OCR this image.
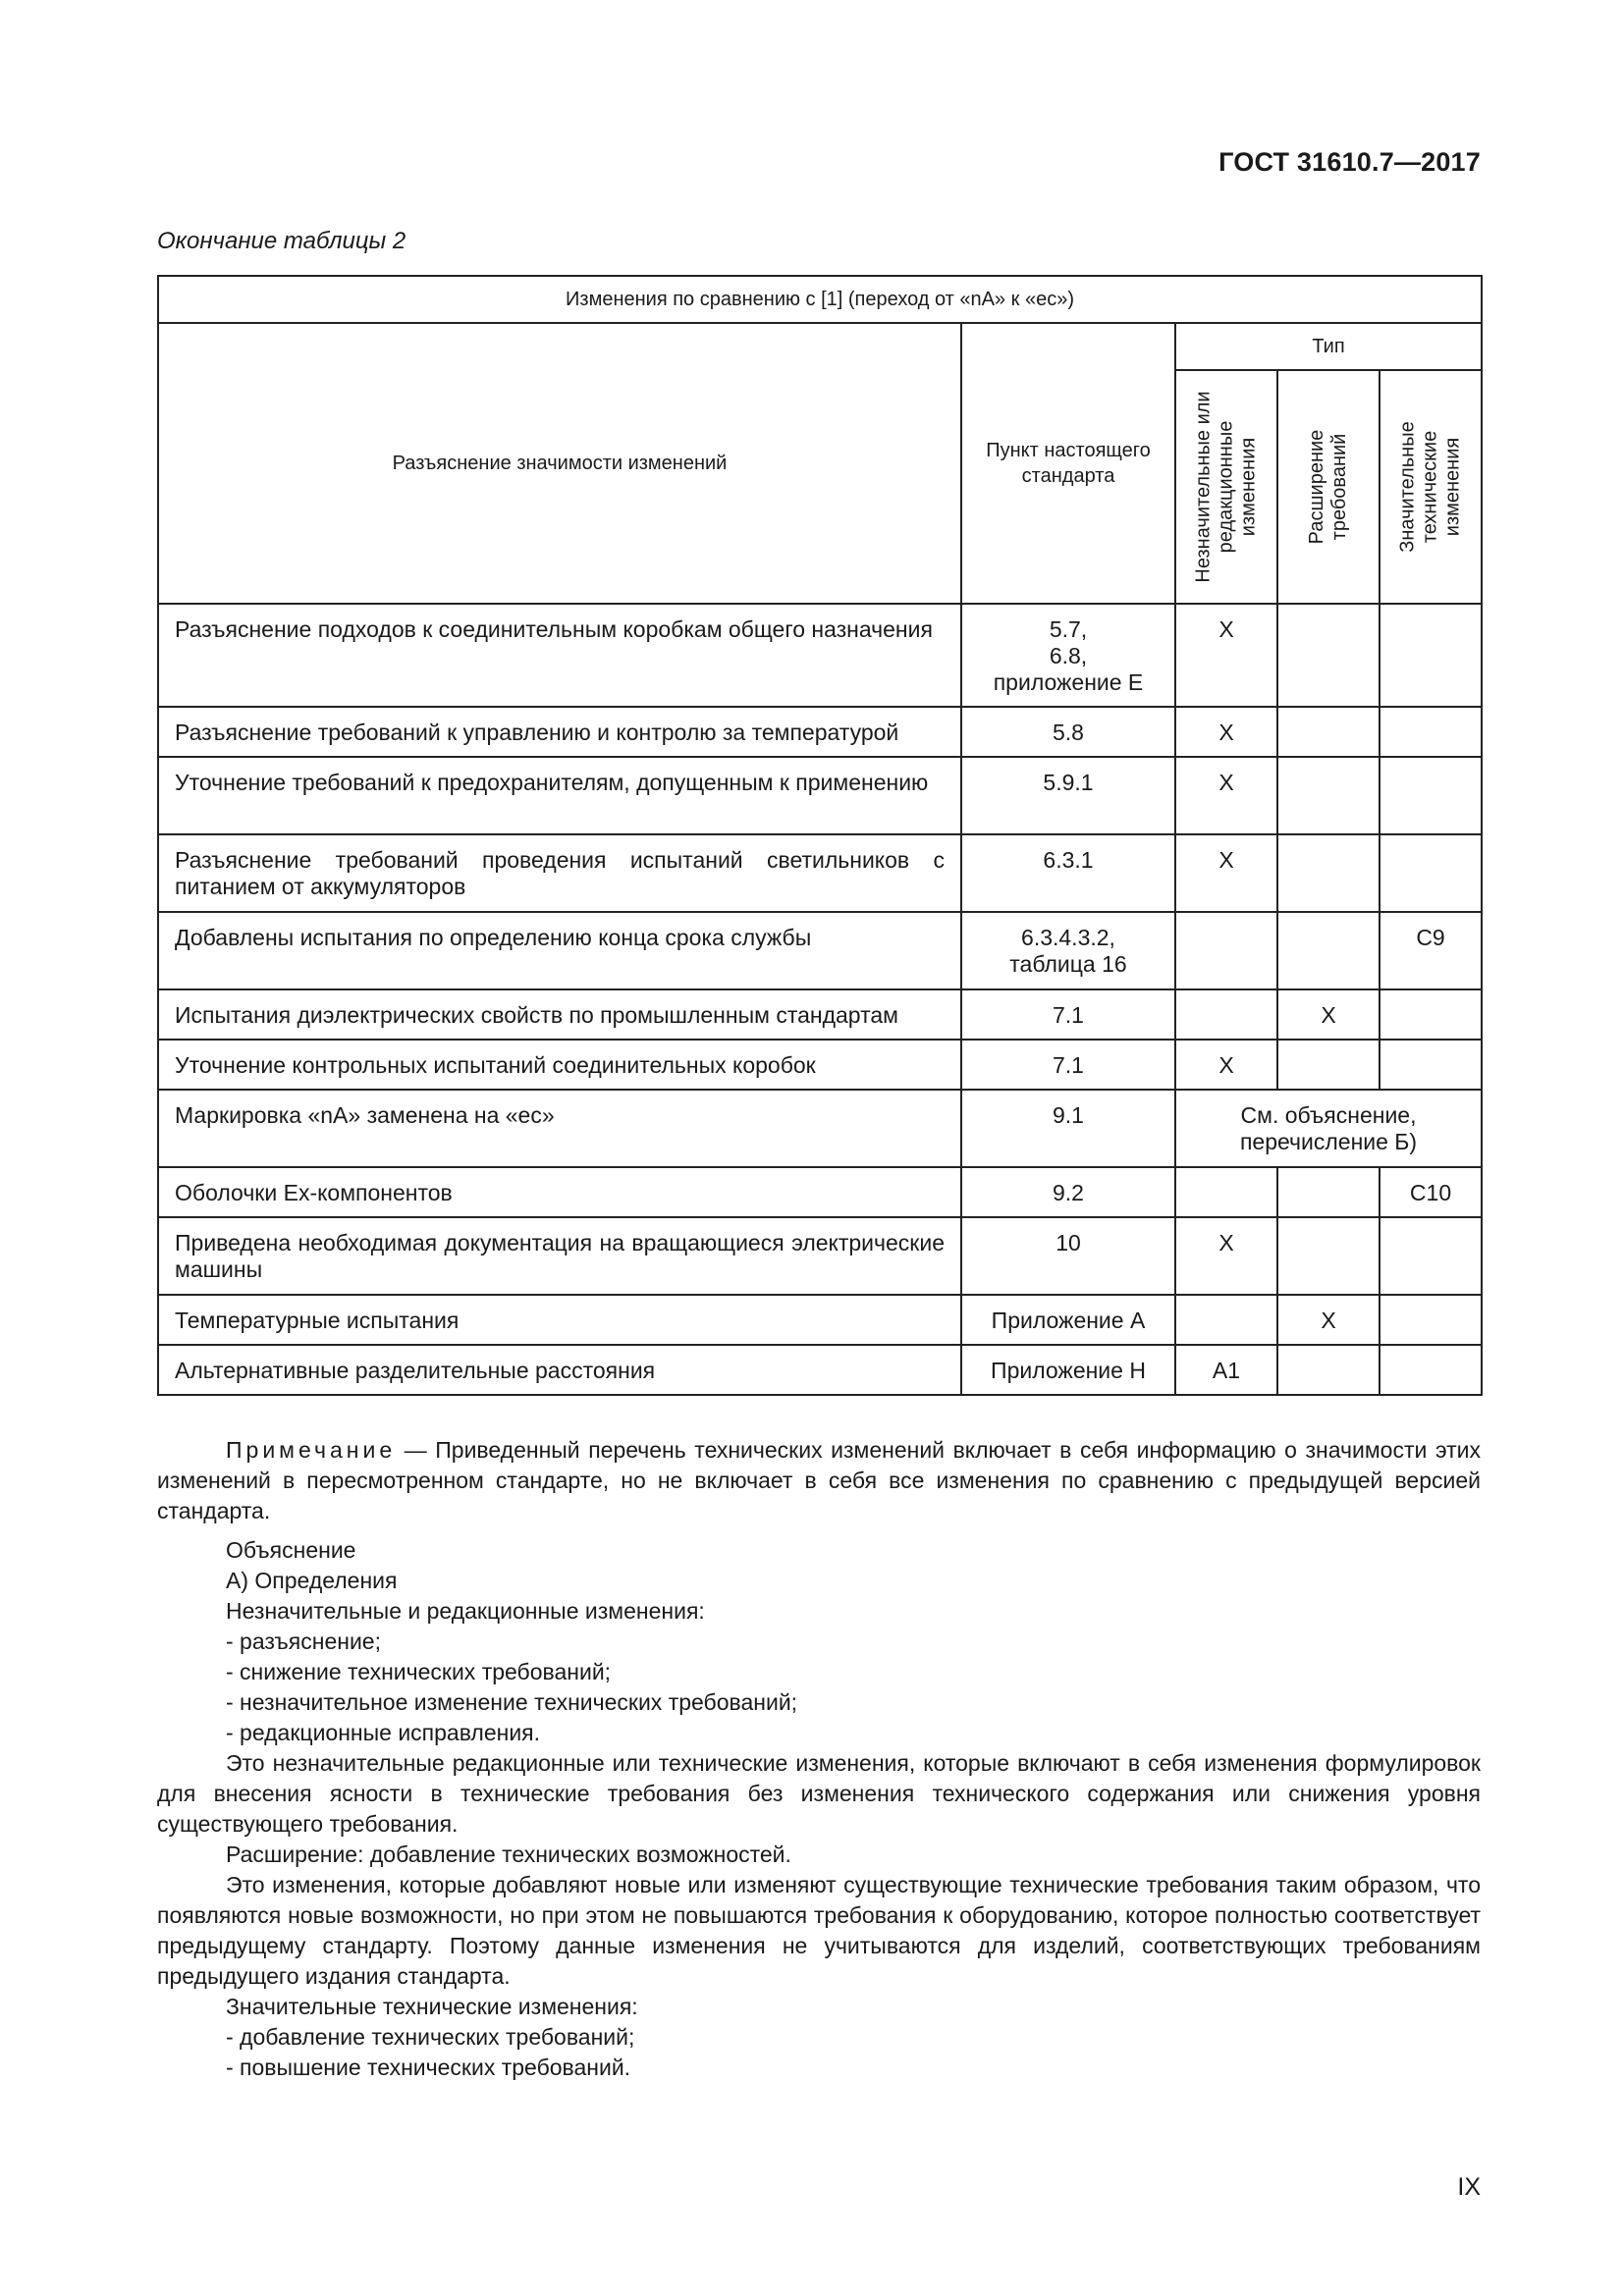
ГОСТ 31610.7—2017
Окончание таблицы 2
Изменения по сравнению с [1] (переход от «nA» к «ес»)				
Разъяснение значимости изменений	Пункт настоящего стандарта	Тип		

		Незначительные или редакционные изменения	Расширение требований	Значительные технические изменения

Разъяснение подходов к соединительным коробкам общего назначения	5.7,
6.8,
приложение Е	X		
Разъяснение требований к управлению и контролю за температурой	5.8	X		
Уточнение требований к предохранителям, допущенным к применению	5.9.1	X		
Разъяснение требований проведения испытаний светильников с питанием от аккумуляторов	6.3.1	X		
Добавлены испытания по определению конца срока службы	6.3.4.3.2,
таблица 16			C9
Испытания диэлектрических свойств по промышленным стандартам	7.1		X	
Уточнение контрольных испытаний соединительных коробок	7.1	X		
Маркировка «nA» заменена на «ес»	9.1	См. объяснение,
перечисление Б)		
Оболочки Ех-компонентов	9.2			C10
Приведена необходимая документация на вращающиеся электрические машины	10	X		
Температурные испытания	Приложение А		X	
Альтернативные разделительные расстояния	Приложение Н	А1		

Примечание — Приведенный перечень технических изменений включает в себя информацию о значимости этих изменений в пересмотренном стандарте, но не включает в себя все изменения по сравнению с предыдущей версией стандарта.

Объяснение

А) Определения

Незначительные и редакционные изменения:

- разъяснение;

- снижение технических требований;

- незначительное изменение технических требований;

- редакционные исправления.

Это незначительные редакционные или технические изменения, которые включают в себя изменения формулировок для внесения ясности в технические требования без изменения технического содержания или снижения уровня существующего требования.

Расширение: добавление технических возможностей.

Это изменения, которые добавляют новые или изменяют существующие технические требования таким образом, что появляются новые возможности, но при этом не повышаются требования к оборудованию, которое полностью соответствует предыдущему стандарту. Поэтому данные изменения не учитываются для изделий, соответствующих требованиям предыдущего издания стандарта.

Значительные технические изменения:

- добавление технических требований;

- повышение технических требований.

IX
